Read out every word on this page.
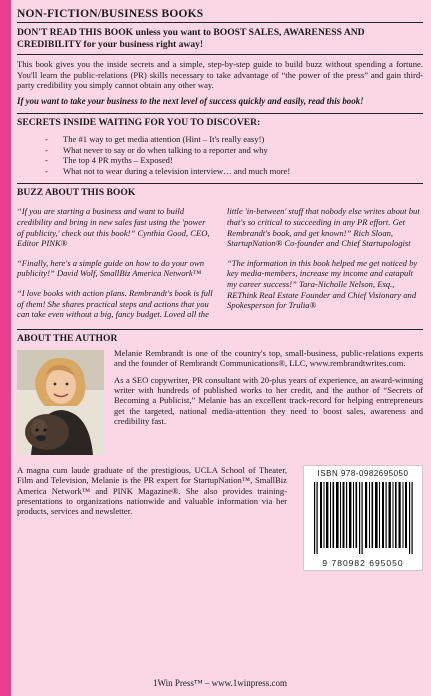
NON-FICTION/BUSINESS BOOKS
DON'T READ THIS BOOK unless you want to BOOST SALES, AWARENESS AND CREDIBILITY for your business right away!

This book gives you the inside secrets and a simple, step-by-step guide to build buzz without spending a fortune. You'll learn the public-relations (PR) skills necessary to take advantage of “the power of the press” and gain third-party credibility you simply cannot obtain any other way.

If you want to take your business to the next level of success quickly and easily, read this book!

SECRETS INSIDE WAITING FOR YOU TO DISCOVER:
- The #1 way to get media attention (Hint – It's really easy!)
- What never to say or do when talking to a reporter and why
- The top 4 PR myths – Exposed!
- What not to wear during a television interview… and much more!
BUZZ ABOUT THIS BOOK

“If you are starting a business and want to build credibility and bring in new sales fast using the 'power of publicity,' check out this book!” Cynthia Good, CEO, Editor PINK®

“Finally, here's a simple guide on how to do your own publicity!” David Wolf, SmallBiz America Network™

“I love books with action plans. Rembrandt's book is full of them! She shares practical steps and actions that you can take even without a big, fancy budget. Loved all the

little 'in-between' stuff that nobody else writes about but that's so critical to succeeding in any PR effort. Get Rembrandt's book, and get known!” Rich Sloan, StartupNation® Co-founder and Chief Startupologist

“The information in this book helped me get noticed by key media-members, increase my income and catapult my career success!” Tara-Nicholle Nelson, Esq., REThink Real Estate Founder and Chief Visionary and Spokesperson for Trulia®

ABOUT THE AUTHOR

Melanie Rembrandt is one of the country's top, small-business, public-relations experts and the founder of Rembrandt Communications®, LLC, www.rembrandtwrites.com.

As a SEO copywriter, PR consultant with 20-plus years of experience, an award-winning writer with hundreds of published works to her credit, and the author of “Secrets of Becoming a Publicist,” Melanie has an excellent track-record for helping entrepreneurs get the targeted, national media-attention they need to boost sales, awareness and credibility fast.

A magna cum laude graduate of the prestigious, UCLA School of Theater, Film and Television, Melanie is the PR expert for StartupNation™, SmallBiz America Network™ and PINK Magazine®. She also provides training-presentations to organizations nationwide and valuable information via her products, services and newsletter.

ISBN 978-0982695050
9 780982 695050
1Win Press™ – www.1winpress.com
